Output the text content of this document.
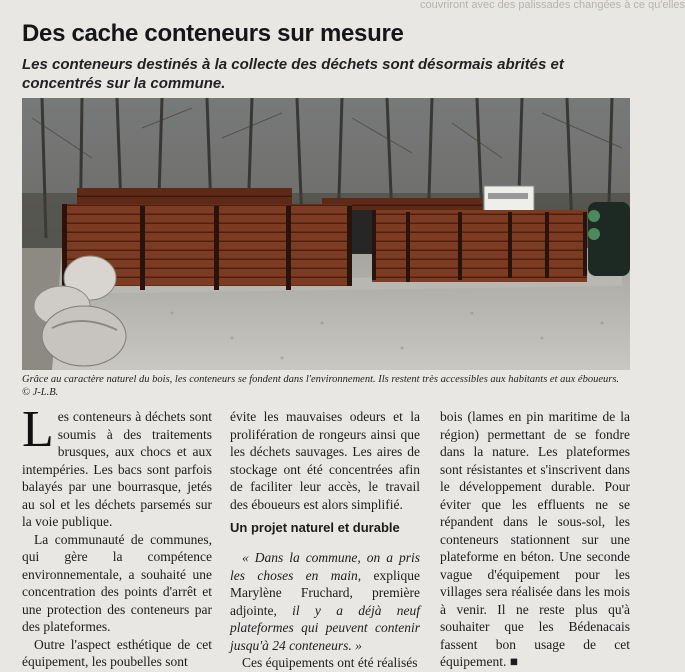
couvriront avec des palissades changées à ce qu'elles
Des cache conteneurs sur mesure

Les conteneurs destinés à la collecte des déchets sont désormais abrités et concentrés sur la commune.

Grâce au caractère naturel du bois, les conteneurs se fondent dans l'environnement. Ils restent très accessibles aux habitants et aux éboueurs. © J-L.B.

Les conteneurs à déchets sont soumis à des traitements brusques, aux chocs et aux intempéries. Les bacs sont parfois balayés par une bourrasque, jetés au sol et les déchets parsemés sur la voie publique.

La communauté de communes, qui gère la compétence environnementale, a souhaité une concentration des points d'arrêt et une protection des conteneurs par des plateformes.

Outre l'aspect esthétique de cet équipement, les poubelles sont

évite les mauvaises odeurs et la prolifération de rongeurs ainsi que les déchets sauvages. Les aires de stockage ont été concentrées afin de faciliter leur accès, le travail des éboueurs est alors simplifié.

Un projet naturel et durable

« Dans la commune, on a pris les choses en main, explique Marylène Fruchard, première adjointe, il y a déjà neuf plateformes qui peuvent contenir jusqu'à 24 conteneurs. »

Ces équipements ont été réalisés

bois (lames en pin maritime de la région) permettant de se fondre dans la nature. Les plateformes sont résistantes et s'inscrivent dans le développement durable. Pour éviter que les effluents ne se répandent dans le sous-sol, les conteneurs stationnent sur une plateforme en béton. Une seconde vague d'équipement pour les villages sera réalisée dans les mois à venir. Il ne reste plus qu'à souhaiter que les Bédenacais fassent bon usage de cet équipement. ■
